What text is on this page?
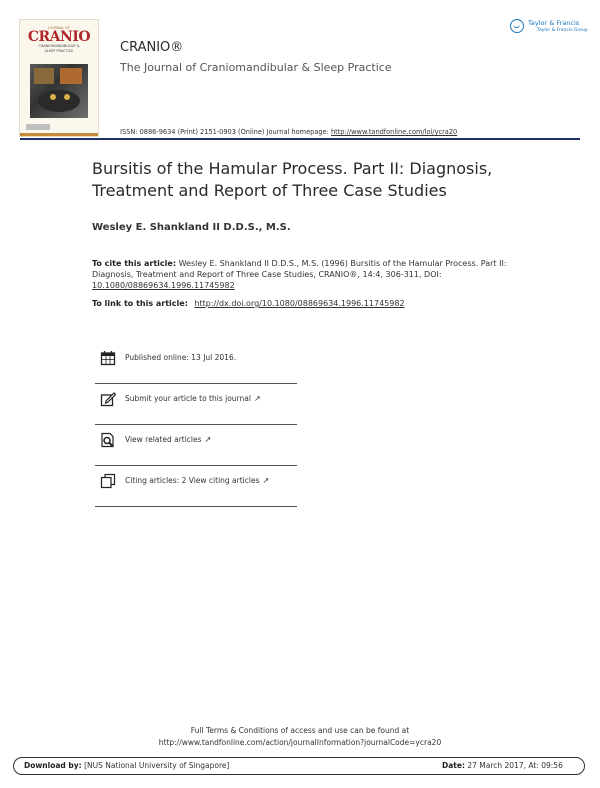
JOURNAL OF
CRANIO
CRANIOMANDIBULAR &
SLEEP PRACTICE	CRANIO®
The Journal of Craniomandibular & Sleep Practice
ISSN: 0886-9634 (Print) 2151-0903 (Online) Journal homepage: http://www.tandfonline.com/loi/ycra20
Taylor & Francis
Taylor & Francis Group
Bursitis of the Hamular Process. Part II: Diagnosis, Treatment and Report of Three Case Studies
Wesley E. Shankland II D.D.S., M.S.
To cite this article: Wesley E. Shankland II D.D.S., M.S. (1996) Bursitis of the Hamular Process. Part II: Diagnosis, Treatment and Report of Three Case Studies, CRANIO®, 14:4, 306-311, DOI: 10.1080/08869634.1996.11745982
To link to this article: http://dx.doi.org/10.1080/08869634.1996.11745982
Published online: 13 Jul 2016.
Submit your article to this journal ↗
View related articles ↗
Citing articles: 2 View citing articles ↗
Full Terms & Conditions of access and use can be found at
http://www.tandfonline.com/action/journalInformation?journalCode=ycra20
Download by: [NUS National University of Singapore]	Date: 27 March 2017, At: 09:56
